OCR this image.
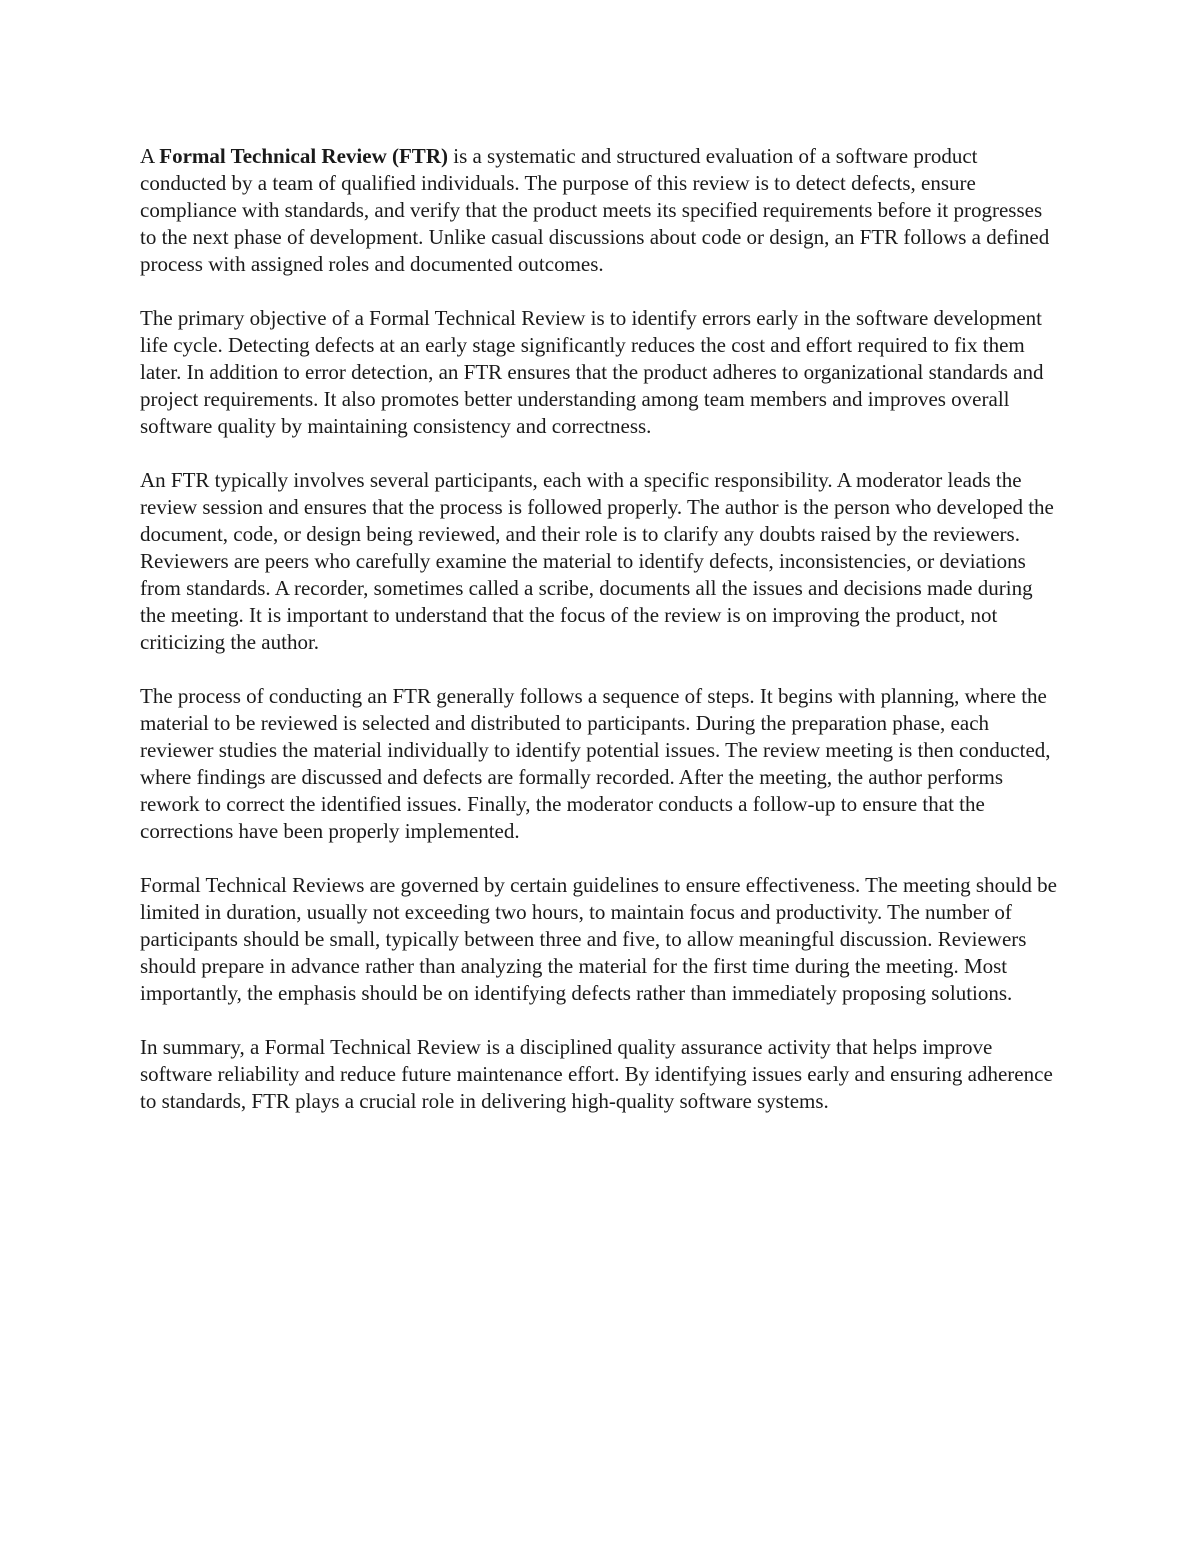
A Formal Technical Review (FTR) is a systematic and structured evaluation of a software product conducted by a team of qualified individuals. The purpose of this review is to detect defects, ensure compliance with standards, and verify that the product meets its specified requirements before it progresses to the next phase of development. Unlike casual discussions about code or design, an FTR follows a defined process with assigned roles and documented outcomes.

The primary objective of a Formal Technical Review is to identify errors early in the software development life cycle. Detecting defects at an early stage significantly reduces the cost and effort required to fix them later. In addition to error detection, an FTR ensures that the product adheres to organizational standards and project requirements. It also promotes better understanding among team members and improves overall software quality by maintaining consistency and correctness.

An FTR typically involves several participants, each with a specific responsibility. A moderator leads the review session and ensures that the process is followed properly. The author is the person who developed the document, code, or design being reviewed, and their role is to clarify any doubts raised by the reviewers. Reviewers are peers who carefully examine the material to identify defects, inconsistencies, or deviations from standards. A recorder, sometimes called a scribe, documents all the issues and decisions made during the meeting. It is important to understand that the focus of the review is on improving the product, not criticizing the author.

The process of conducting an FTR generally follows a sequence of steps. It begins with planning, where the material to be reviewed is selected and distributed to participants. During the preparation phase, each reviewer studies the material individually to identify potential issues. The review meeting is then conducted, where findings are discussed and defects are formally recorded. After the meeting, the author performs rework to correct the identified issues. Finally, the moderator conducts a follow-up to ensure that the corrections have been properly implemented.

Formal Technical Reviews are governed by certain guidelines to ensure effectiveness. The meeting should be limited in duration, usually not exceeding two hours, to maintain focus and productivity. The number of participants should be small, typically between three and five, to allow meaningful discussion. Reviewers should prepare in advance rather than analyzing the material for the first time during the meeting. Most importantly, the emphasis should be on identifying defects rather than immediately proposing solutions.

In summary, a Formal Technical Review is a disciplined quality assurance activity that helps improve software reliability and reduce future maintenance effort. By identifying issues early and ensuring adherence to standards, FTR plays a crucial role in delivering high-quality software systems.
